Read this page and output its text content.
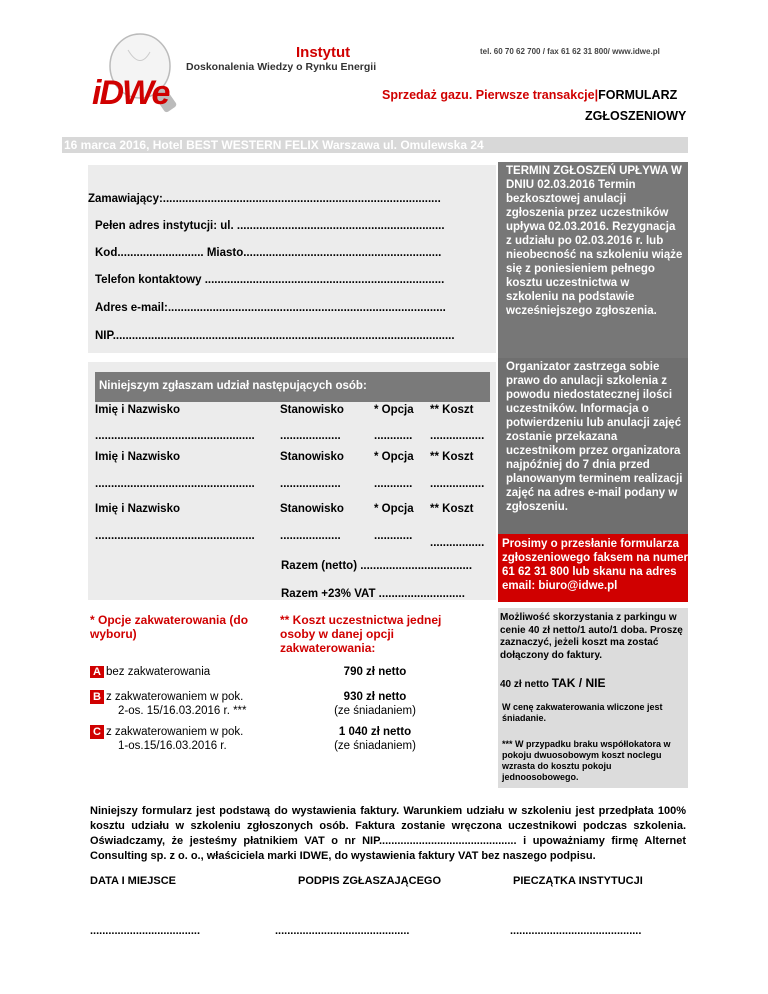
tel. 60 70 62 700 / fax 61 62 31 800/ www.idwe.pl
iDWe
Instytut
Doskonalenia Wiedzy o Rynku Energii
Sprzedaż gazu. Pierwsze transakcje|FORMULARZ
ZGŁOSZENIOWY
16 marca 2016, Hotel BEST WESTERN FELIX Warszawa ul. Omulewska 24
Zamawiający:.......................................................................................
Pełen adres instytucji: ul. .................................................................
Kod........................... Miasto..............................................................
Telefon kontaktowy ...........................................................................
Adres e-mail:.......................................................................................
NIP...........................................................................................................
Niniejszym zgłaszam udział następujących osób:
Imię i Nazwisko	Stanowisko	* Opcja ** Koszt
.................................................. ...................	............ .................
Imię i Nazwisko	Stanowisko	* Opcja ** Koszt
.................................................. ...................	............ .................
Imię i Nazwisko	Stanowisko	* Opcja ** Koszt
.................................................. ...................	............
.................
Razem (netto) ...................................
Razem +23% VAT ...........................
TERMIN ZGŁOSZEŃ UPŁYWA W DNIU 02.03.2016 Termin bezkosztowej anulacji zgłoszenia przez uczestników upływa 02.03.2016. Rezygnacja z udziału po 02.03.2016 r. lub nieobecność na szkoleniu wiąże się z poniesieniem pełnego kosztu uczestnictwa w szkoleniu na podstawie wcześniejszego zgłoszenia.
Organizator zastrzega sobie prawo do anulacji szkolenia z powodu niedostatecznej ilości uczestników. Informacja o potwierdzeniu lub anulacji zajęć zostanie przekazana uczestnikom przez organizatora najpóźniej do 7 dnia przed planowanym terminem realizacji zajęć na adres e-mail podany w zgłoszeniu.
Prosimy o przesłanie formularza zgłoszeniowego faksem na numer 61 62 31 800 lub skanu na adres email: biuro@idwe.pl
Możliwość skorzystania z parkingu w cenie 40 zł netto/1 auto/1 doba. Proszę zaznaczyć, jeżeli koszt ma zostać dołączony do faktury.
40 zł netto TAK / NIE
W cenę zakwaterowania wliczone jest śniadanie.
*** W przypadku braku współlokatora w pokoju dwuosobowym koszt noclegu wzrasta do kosztu pokoju jednoosobowego.
* Opcje zakwaterowania (do wyboru)
** Koszt uczestnictwa jednej osoby w danej opcji zakwaterowania:
A bez zakwaterowania	790 zł netto
B z zakwaterowaniem w pok.
2-os. 15/16.03.2016 r. ***
930 zł netto
(ze śniadaniem)
C z zakwaterowaniem w pok.
1-os.15/16.03.2016 r.
1 040 zł netto
(ze śniadaniem)
Niniejszy formularz jest podstawą do wystawienia faktury. Warunkiem udziału w szkoleniu jest przedpłata 100% kosztu udziału w szkoleniu zgłoszonych osób. Faktura zostanie wręczona uczestnikowi podczas szkolenia. Oświadczamy, że jesteśmy płatnikiem VAT o nr NIP............................................. i upoważniamy firmę Alternet Consulting sp. z o. o., właściciela marki IDWE, do wystawienia faktury VAT bez naszego podpisu.
DATA I MIEJSCE	PODPIS ZGŁASZAJĄCEGO	PIECZĄTKA INSTYTUCJI
....................................	............................................	...........................................
